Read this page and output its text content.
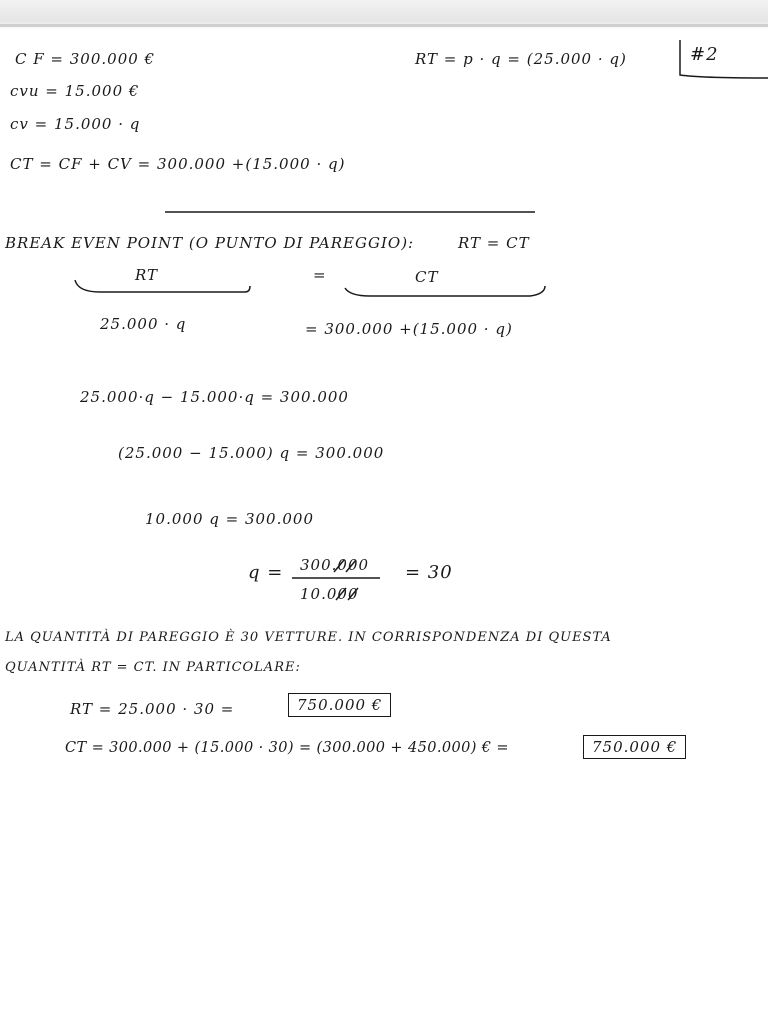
#2
C F = 300.000 €	RT = p · q = (25.000 · q)
cvu = 15.000 €
cv = 15.000 · q
CT = CF + CV = 300.000 +(15.000 · q)
BREAK EVEN POINT (O PUNTO DI PAREGGIO):	RT = CT
RT	=	CT
25.000 · q	= 300.000 +(15.000 · q)
25.000·q − 15.000·q = 300.000
(25.000 − 15.000) q = 300.000
10.000 q = 300.000
q = 300.000
10.000
= 30
LA QUANTITÀ DI PAREGGIO È 30 VETTURE. IN CORRISPONDENZA DI QUESTA
QUANTITÀ RT = CT. IN PARTICOLARE:
RT = 25.000 · 30 =	750.000 €
CT = 300.000 + (15.000 · 30) = (300.000 + 450.000) € =	750.000 €
